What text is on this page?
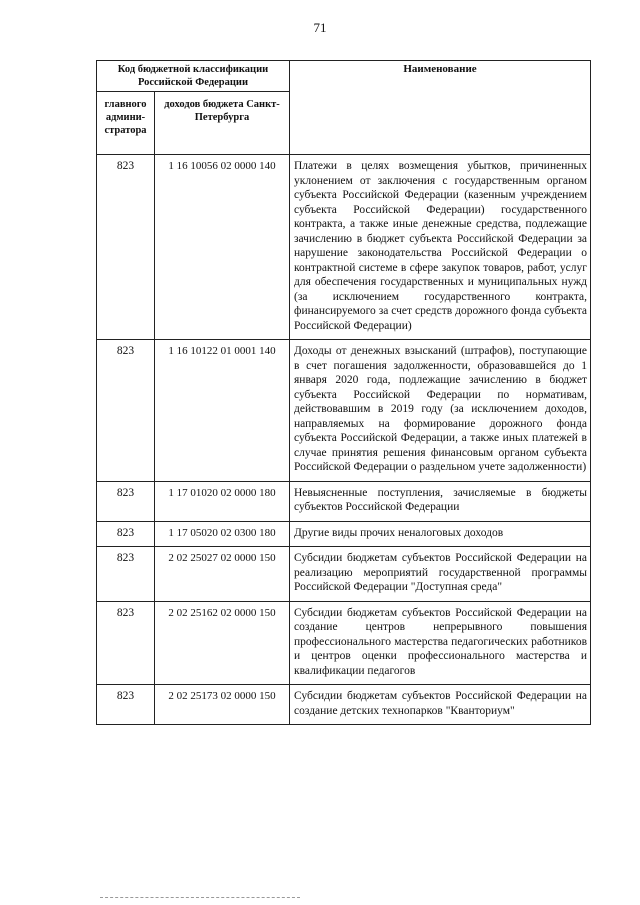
71
Код бюджетной классификации Российской Федерации		Наименование
главного админи-стратора	доходов бюджета Санкт-Петербурга	
823	1 16 10056 02 0000 140	Платежи в целях возмещения убытков, причиненных уклонением от заключения с государственным органом субъекта Российской Федерации (казенным учреждением субъекта Российской Федерации) государственного контракта, а также иные денежные средства, подлежащие зачислению в бюджет субъекта Российской Федерации за нарушение законодательства Российской Федерации о контрактной системе в сфере закупок товаров, работ, услуг для обеспечения государственных и муниципальных нужд (за исключением государственного контракта, финансируемого за счет средств дорожного фонда субъекта Российской Федерации)
823	1 16 10122 01 0001 140	Доходы от денежных взысканий (штрафов), поступающие в счет погашения задолженности, образовавшейся до 1 января 2020 года, подлежащие зачислению в бюджет субъекта Российской Федерации по нормативам, действовавшим в 2019 году (за исключением доходов, направляемых на формирование дорожного фонда субъекта Российской Федерации, а также иных платежей в случае принятия решения финансовым органом субъекта Российской Федерации о раздельном учете задолженности)
823	1 17 01020 02 0000 180	Невыясненные поступления, зачисляемые в бюджеты субъектов Российской Федерации
823	1 17 05020 02 0300 180	Другие виды прочих неналоговых доходов
823	2 02 25027 02 0000 150	Субсидии бюджетам субъектов Российской Федерации на реализацию мероприятий государственной программы Российской Федерации "Доступная среда"
823	2 02 25162 02 0000 150	Субсидии бюджетам субъектов Российской Федерации на создание центров непрерывного повышения профессионального мастерства педагогических работников и центров оценки профессионального мастерства и квалификации педагогов
823	2 02 25173 02 0000 150	Субсидии бюджетам субъектов Российской Федерации на создание детских технопарков "Кванториум"
